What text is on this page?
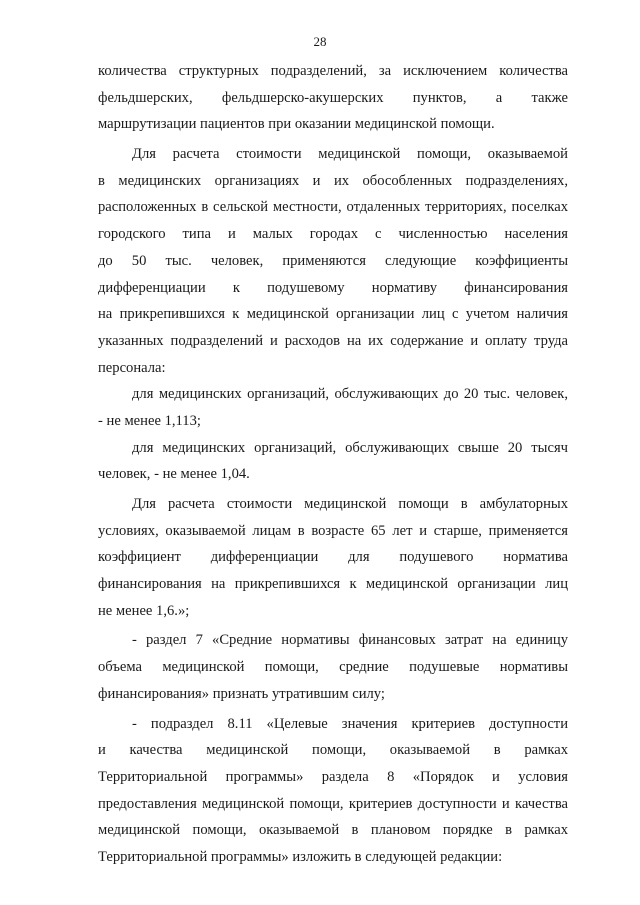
28
количества структурных подразделений, за исключением количества
фельдшерских, фельдшерско-акушерских пунктов, а также
маршрутизации пациентов при оказании медицинской помощи.
Для расчета стоимости медицинской помощи, оказываемой
в медицинских организациях и их обособленных подразделениях,
расположенных в сельской местности, отдаленных территориях, поселках
городского типа и малых городах с численностью населения
до 50 тыс. человек, применяются следующие коэффициенты
дифференциации к подушевому нормативу финансирования
на прикрепившихся к медицинской организации лиц с учетом наличия
указанных подразделений и расходов на их содержание и оплату труда
персонала:
для медицинских организаций, обслуживающих до 20 тыс. человек,
- не менее 1,113;
для медицинских организаций, обслуживающих свыше 20 тысяч
человек, - не менее 1,04.
Для расчета стоимости медицинской помощи в амбулаторных
условиях, оказываемой лицам в возрасте 65 лет и старше, применяется
коэффициент дифференциации для подушевого норматива
финансирования на прикрепившихся к медицинской организации лиц
не менее 1,6.»;
- раздел 7 «Средние нормативы финансовых затрат на единицу
объема медицинской помощи, средние подушевые нормативы
финансирования» признать утратившим силу;
- подраздел 8.11 «Целевые значения критериев доступности
и качества медицинской помощи, оказываемой в рамках
Территориальной программы» раздела 8 «Порядок и условия
предоставления медицинской помощи, критериев доступности и качества
медицинской помощи, оказываемой в плановом порядке в рамках
Территориальной программы» изложить в следующей редакции:
